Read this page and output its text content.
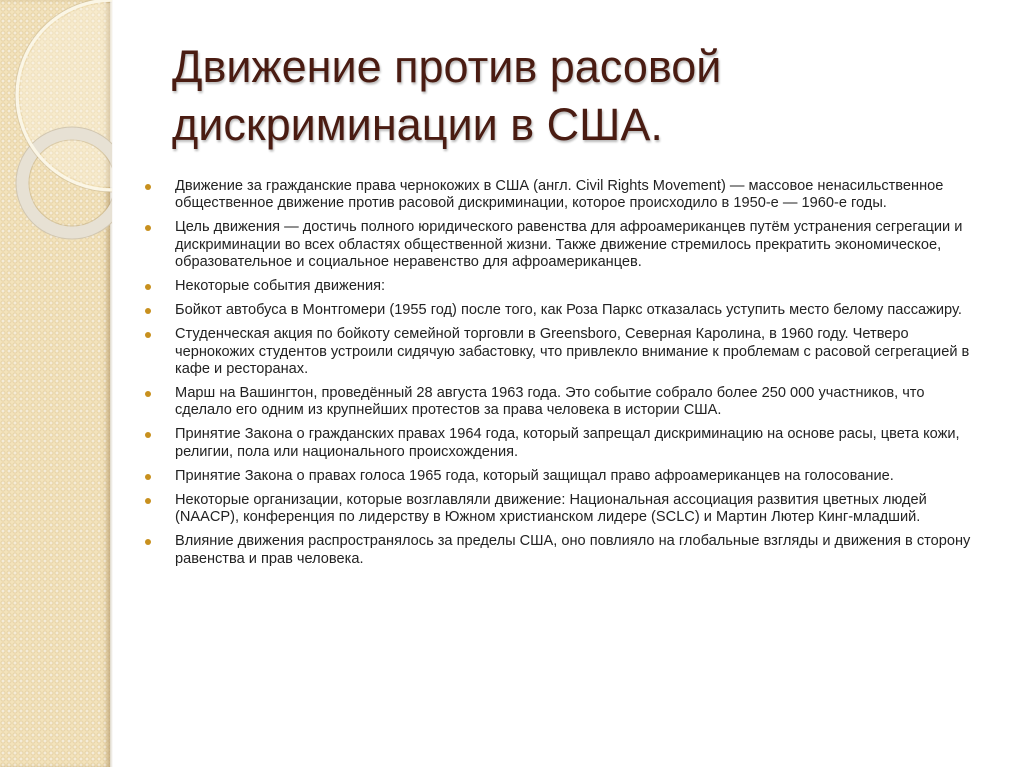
Движение против расовой
дискриминации в США.
Движение за гражданские права чернокожих в США (англ. Civil Rights Movement) — массовое ненасильственное общественное движение против расовой дискриминации, которое происходило в 1950-е — 1960-е годы.
Цель движения — достичь полного юридического равенства для афроамериканцев путём устранения сегрегации и дискриминации во всех областях общественной жизни. Также движение стремилось прекратить экономическое, образовательное и социальное неравенство для афроамериканцев.
Некоторые события движения:
Бойкот автобуса в Монтгомери (1955 год) после того, как Роза Паркс отказалась уступить место белому пассажиру.
Студенческая акция по бойкоту семейной торговли в Greensboro, Северная Каролина, в 1960 году. Четверо чернокожих студентов устроили сидячую забастовку, что привлекло внимание к проблемам с расовой сегрегацией в кафе и ресторанах.
Марш на Вашингтон, проведённый 28 августа 1963 года. Это событие собрало более 250 000 участников, что сделало его одним из крупнейших протестов за права человека в истории США.
Принятие Закона о гражданских правах 1964 года, который запрещал дискриминацию на основе расы, цвета кожи, религии, пола или национального происхождения.
Принятие Закона о правах голоса 1965 года, который защищал право афроамериканцев на голосование.
Некоторые организации, которые возглавляли движение: Национальная ассоциация развития цветных людей (NAACP), конференция по лидерству в Южном христианском лидере (SCLC) и Мартин Лютер Кинг-младший.
Влияние движения распространялось за пределы США, оно повлияло на глобальные взгляды и движения в сторону равенства и прав человека.
